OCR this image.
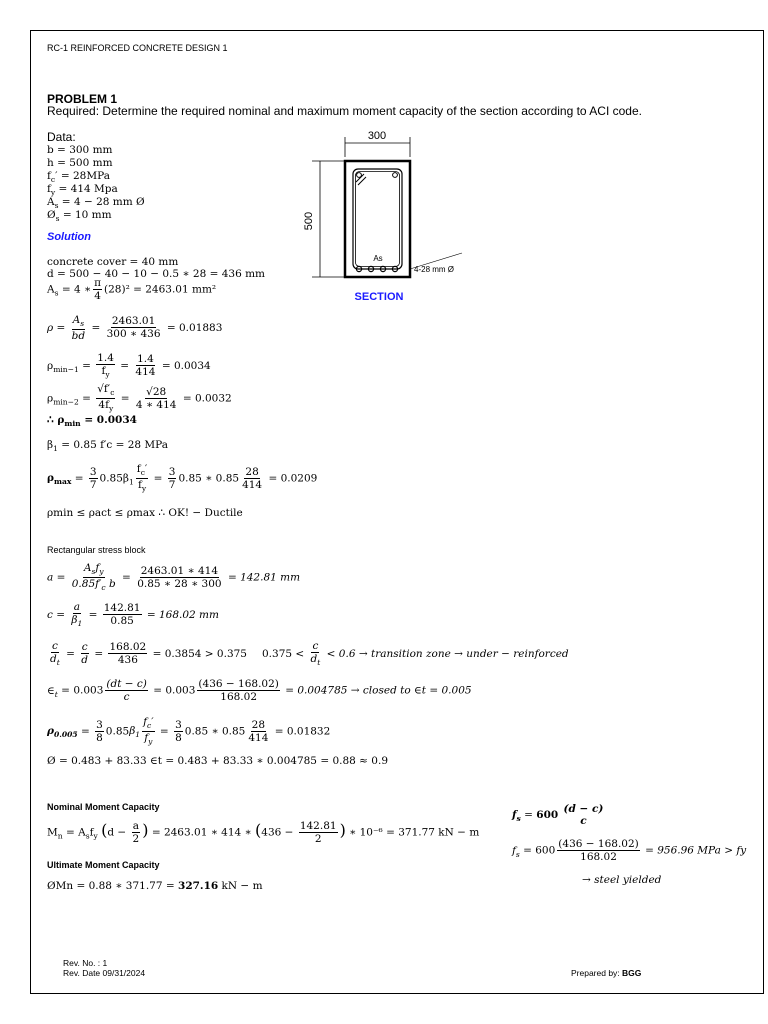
RC-1 REINFORCED CONCRETE DESIGN 1
PROBLEM 1
Required: Determine the required nominal and maximum moment capacity of the section according to ACI code.
Data:
b = 300 mm
h = 500 mm
$f_c' = 28MPa$
$f_y = 414$ Mpa
$A_s = 4 - 28$ mm Ø
$Ø_s = 10$ mm
300
500
As
4-28 mm Ø
SECTION
Solution
concrete cover = 40 mm
d = 500 − 40 − 10 − 0.5 ∗ 28 = 436 mm
$A_s = 4$ ∗ $\frac{\pi}{4} (28)^2 = 2463.01$ mm²
$\rho = \frac{A_s}{bd} = \frac{2463.01}{300 ∗ 436} = 0.01883$
$\rho_{min-1} = \frac{1.4}{f_y} = \frac{1.4}{414} = 0.0034$
$\rho_{min-2} = \frac{√f'_c}{4f_y} = \frac{√28}{4 ∗ 414} = 0.0032$
∴ $\rho_{min} = 0.0034$
$\beta_1 = 0.85$ f′c = 28 MPa
$\rho_{max} = \frac{3}{7} 0.85\beta_1 \frac{f_c'}{f_y} = \frac{3}{7} 0.85$ ∗ $0.85 \frac{28}{414} = 0.0209$
ρmin ≤ ρact ≤ ρmax ∴ OK! − Ductile
Rectangular stress block
$a = \frac{A_sf_y}{0.85f'_c b} = \frac{2463.01 ∗ 414}{0.85 ∗ 28 ∗ 300} = 142.81$ mm
$c = \frac{a}{\beta_1} = \frac{142.81}{0.85} = 168.02$ mm
$\frac{c}{d_t} = \frac{c}{d} = \frac{168.02}{436} = 0.3854 > 0.375$ $0.375 < \frac{c}{d_t} < 0.6$ → transition zone → under − reinforced
$\in_t = 0.003 \frac{(dt - c)}{c} = 0.003 \frac{(436 - 168.02)}{168.02} = 0.004785$ → closed to ∈t = 0.005
$\rho_{0.005} = \frac{3}{8} 0.85\beta_1 \frac{f_c'}{f_y} = \frac{3}{8} 0.85$ ∗ $0.85 \frac{28}{414} = 0.01832$
Ø = 0.483 + 83.33 ∈t = 0.483 + 83.33 ∗ 0.004785 = 0.88 ≈ 0.9
Nominal Moment Capacity
$M_n = A_sf_y$ ($d - \frac{a}{2}$ ) = 2463.01 ∗ 414 ∗ ($436 - \frac{142.81}{2}$ ) ∗ 10⁻⁶ = 371.77 kN − m
Ultimate Moment Capacity
ØMn = 0.88 ∗ 371.77 = 327.16 kN − m
$f_s = 600$ (d − c)
c
$f_s = 600 \frac{(436 - 168.02)}{168.02} = 956.96$ MPa > fy
→ steel yielded
Rev. No. : 1
Rev. Date 09/31/2024	Prepared by: BGG
